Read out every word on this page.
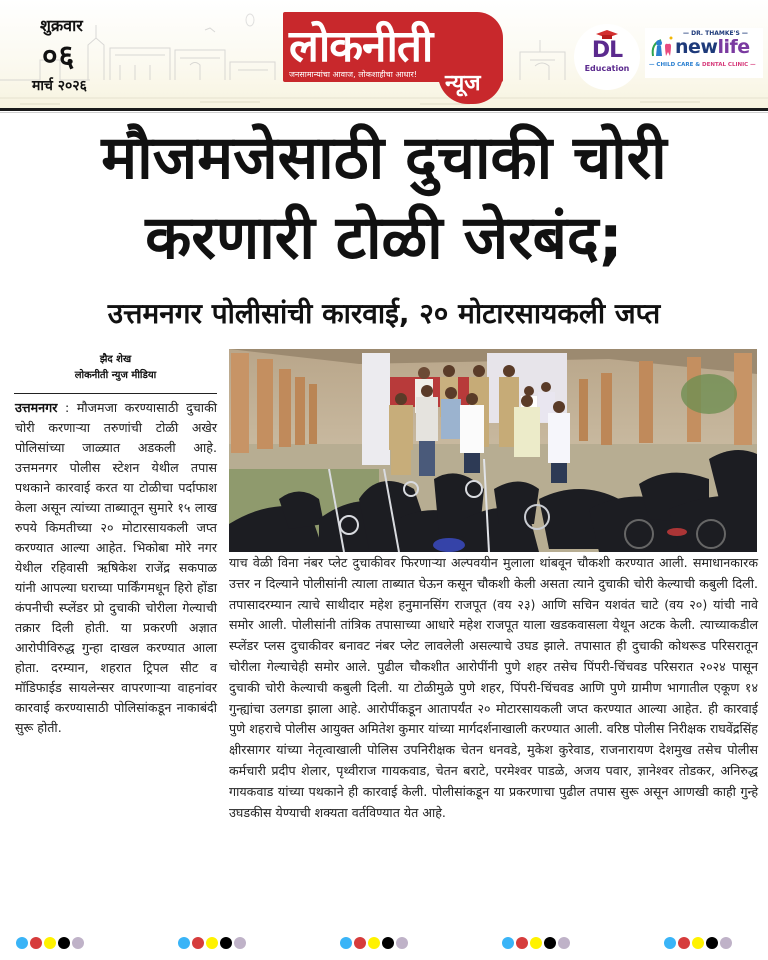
शुक्रवार
०६
मार्च २०२६
लोकनीती
जनसामान्यांचा आवाज, लोकशाहीचा आधार! न्यूज
DL
Education
— DR. THAMKE'S —
newlife
— CHILD CARE & DENTAL CLINIC —
मौजमजेसाठी दुचाकी चोरी
करणारी टोळी जेरबंद;
उत्तमनगर पोलीसांची कारवाई, २० मोटारसायकली जप्त
झैद शेख
लोकनीती न्युज मीडिया
उत्तमनगर : मौजमजा करण्यासाठी दुचाकी चोरी करणाऱ्या तरुणांची टोळी अखेर पोलिसांच्या जाळ्यात अडकली आहे. उत्तमनगर पोलीस स्टेशन येथील तपास पथकाने कारवाई करत या टोळीचा पर्दाफाश केला असून त्यांच्या ताब्यातून सुमारे १५ लाख रुपये किमतीच्या २० मोटारसायकली जप्त करण्यात आल्या आहेत. भिकोबा मोरे नगर येथील रहिवासी ऋषिकेश राजेंद्र सकपाळ यांनी आपल्या घराच्या पार्किंगमधून हिरो होंडा कंपनीची स्प्लेंडर प्रो दुचाकी चोरीला गेल्याची तक्रार दिली होती. या प्रकरणी अज्ञात आरोपीविरुद्ध गुन्हा दाखल करण्यात आला होता. दरम्यान, शहरात ट्रिपल सीट व मॉडिफाईड सायलेन्सर वापरणाऱ्या वाहनांवर कारवाई करण्यासाठी पोलिसांकडून नाकाबंदी सुरू होती.
याच वेळी विना नंबर प्लेट दुचाकीवर फिरणाऱ्या अल्पवयीन मुलाला थांबवून चौकशी करण्यात आली. समाधानकारक उत्तर न दिल्याने पोलीसांनी त्याला ताब्यात घेऊन कसून चौकशी केली असता त्याने दुचाकी चोरी केल्याची कबुली दिली. तपासादरम्यान त्याचे साथीदार महेश हनुमानसिंग राजपूत (वय २३) आणि सचिन यशवंत चाटे (वय २०) यांची नावे समोर आली. पोलीसांनी तांत्रिक तपासाच्या आधारे महेश राजपूत याला खडकवासला येथून अटक केली. त्याच्याकडील स्प्लेंडर प्लस दुचाकीवर बनावट नंबर प्लेट लावलेली असल्याचे उघड झाले. तपासात ही दुचाकी कोथरूड परिसरातून चोरीला गेल्याचेही समोर आले. पुढील चौकशीत आरोपींनी पुणे शहर तसेच पिंपरी-चिंचवड परिसरात २०२४ पासून दुचाकी चोरी केल्याची कबुली दिली. या टोळीमुळे पुणे शहर, पिंपरी-चिंचवड आणि पुणे ग्रामीण भागातील एकूण १४ गुन्ह्यांचा उलगडा झाला आहे. आरोपींकडून आतापर्यंत २० मोटारसायकली जप्त करण्यात आल्या आहेत. ही कारवाई पुणे शहराचे पोलीस आयुक्त अमितेश कुमार यांच्या मार्गदर्शनाखाली करण्यात आली. वरिष्ठ पोलीस निरीक्षक राघवेंद्रसिंह क्षीरसागर यांच्या नेतृत्वाखाली पोलिस उपनिरीक्षक चेतन धनवडे, मुकेश कुरेवाड, राजनारायण देशमुख तसेच पोलीस कर्मचारी प्रदीप शेलार, पृथ्वीराज गायकवाड, चेतन बराटे, परमेश्वर पाडळे, अजय पवार, ज्ञानेश्वर तोडकर, अनिरुद्ध गायकवाड यांच्या पथकाने ही कारवाई केली. पोलीसांकडून या प्रकरणाचा पुढील तपास सुरू असून आणखी काही गुन्हे उघडकीस येण्याची शक्यता वर्तविण्यात येत आहे.
